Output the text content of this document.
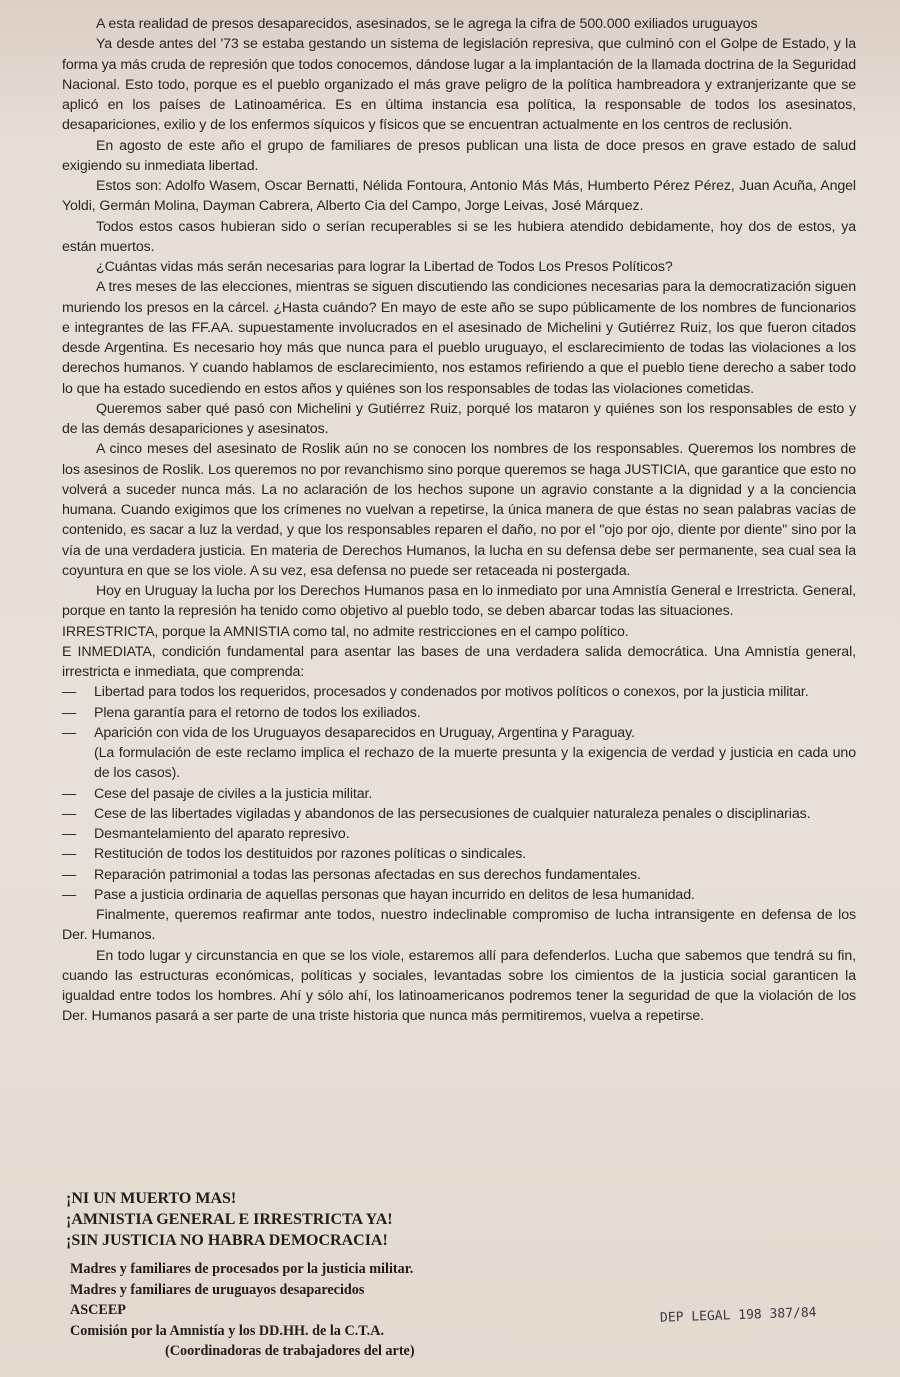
A esta realidad de presos desaparecidos, asesinados, se le agrega la cifra de 500.000 exiliados uruguayos

Ya desde antes del '73 se estaba gestando un sistema de legislación represiva, que culminó con el Golpe de Estado, y la forma ya más cruda de represión que todos conocemos, dándose lugar a la implantación de la llamada doctrina de la Seguridad Nacional. Esto todo, porque es el pueblo organizado el más grave peligro de la política hambreadora y extranjerizante que se aplicó en los países de Latinoamérica. Es en última instancia esa política, la responsable de todos los asesinatos, desapariciones, exilio y de los enfermos síquicos y físicos que se encuentran actualmente en los centros de reclusión.

En agosto de este año el grupo de familiares de presos publican una lista de doce presos en grave estado de salud exigiendo su inmediata libertad.

Estos son: Adolfo Wasem, Oscar Bernatti, Nélida Fontoura, Antonio Más Más, Humberto Pérez Pérez, Juan Acuña, Angel Yoldi, Germán Molina, Dayman Cabrera, Alberto Cia del Campo, Jorge Leivas, José Márquez.

Todos estos casos hubieran sido o serían recuperables si se les hubiera atendido debidamente, hoy dos de estos, ya están muertos.

¿Cuántas vidas más serán necesarias para lograr la Libertad de Todos Los Presos Políticos?

A tres meses de las elecciones, mientras se siguen discutiendo las condiciones necesarias para la democratización siguen muriendo los presos en la cárcel. ¿Hasta cuándo? En mayo de este año se supo públicamente de los nombres de funcionarios e integrantes de las FF.AA. supuestamente involucrados en el asesinado de Michelini y Gutiérrez Ruiz, los que fueron citados desde Argentina. Es necesario hoy más que nunca para el pueblo uruguayo, el esclarecimiento de todas las violaciones a los derechos humanos. Y cuando hablamos de esclarecimiento, nos estamos refiriendo a que el pueblo tiene derecho a saber todo lo que ha estado sucediendo en estos años y quiénes son los responsables de todas las violaciones cometidas.

Queremos saber qué pasó con Michelini y Gutiérrez Ruiz, porqué los mataron y quiénes son los responsables de esto y de las demás desapariciones y asesinatos.

A cinco meses del asesinato de Roslik aún no se conocen los nombres de los responsables. Queremos los nombres de los asesinos de Roslik. Los queremos no por revanchismo sino porque queremos se haga JUSTICIA, que garantice que esto no volverá a suceder nunca más. La no aclaración de los hechos supone un agravio constante a la dignidad y a la conciencia humana. Cuando exigimos que los crímenes no vuelvan a repetirse, la única manera de que éstas no sean palabras vacías de contenido, es sacar a luz la verdad, y que los responsables reparen el daño, no por el "ojo por ojo, diente por diente" sino por la vía de una verdadera justicia. En materia de Derechos Humanos, la lucha en su defensa debe ser permanente, sea cual sea la coyuntura en que se los viole. A su vez, esa defensa no puede ser retaceada ni postergada.

Hoy en Uruguay la lucha por los Derechos Humanos pasa en lo inmediato por una Amnistía General e Irrestricta. General, porque en tanto la represión ha tenido como objetivo al pueblo todo, se deben abarcar todas las situaciones.

IRRESTRICTA, porque la AMNISTIA como tal, no admite restricciones en el campo político.

E INMEDIATA, condición fundamental para asentar las bases de una verdadera salida democrática. Una Amnistía general, irrestricta e inmediata, que comprenda:

—	Libertad para todos los requeridos, procesados y condenados por motivos políticos o conexos, por la justicia militar.
—	Plena garantía para el retorno de todos los exiliados.
—	Aparición con vida de los Uruguayos desaparecidos en Uruguay, Argentina y Paraguay.
(La formulación de este reclamo implica el rechazo de la muerte presunta y la exigencia de verdad y justicia en cada uno de los casos).
—	Cese del pasaje de civiles a la justicia militar.
—	Cese de las libertades vigiladas y abandonos de las persecusiones de cualquier naturaleza penales o disciplinarias.
—	Desmantelamiento del aparato represivo.
—	Restitución de todos los destituidos por razones políticas o sindicales.
—	Reparación patrimonial a todas las personas afectadas en sus derechos fundamentales.
—	Pase a justicia ordinaria de aquellas personas que hayan incurrido en delitos de lesa humanidad.

Finalmente, queremos reafirmar ante todos, nuestro indeclinable compromiso de lucha intransigente en defensa de los Der. Humanos.

En todo lugar y circunstancia en que se los viole, estaremos allí para defenderlos. Lucha que sabemos que tendrá su fin, cuando las estructuras económicas, políticas y sociales, levantadas sobre los cimientos de la justicia social garanticen la igualdad entre todos los hombres. Ahí y sólo ahí, los latinoamericanos podremos tener la seguridad de que la violación de los Der. Humanos pasará a ser parte de una triste historia que nunca más permitiremos, vuelva a repetirse.

¡NI UN MUERTO MAS!
¡AMNISTIA GENERAL E IRRESTRICTA YA!
¡SIN JUSTICIA NO HABRA DEMOCRACIA!
Madres y familiares de procesados por la justicia militar.
Madres y familiares de uruguayos desaparecidos
ASCEEP
Comisión por la Amnistía y los DD.HH. de la C.T.A.
(Coordinadoras de trabajadores del arte)
DEP LEGAL 198 387/84
